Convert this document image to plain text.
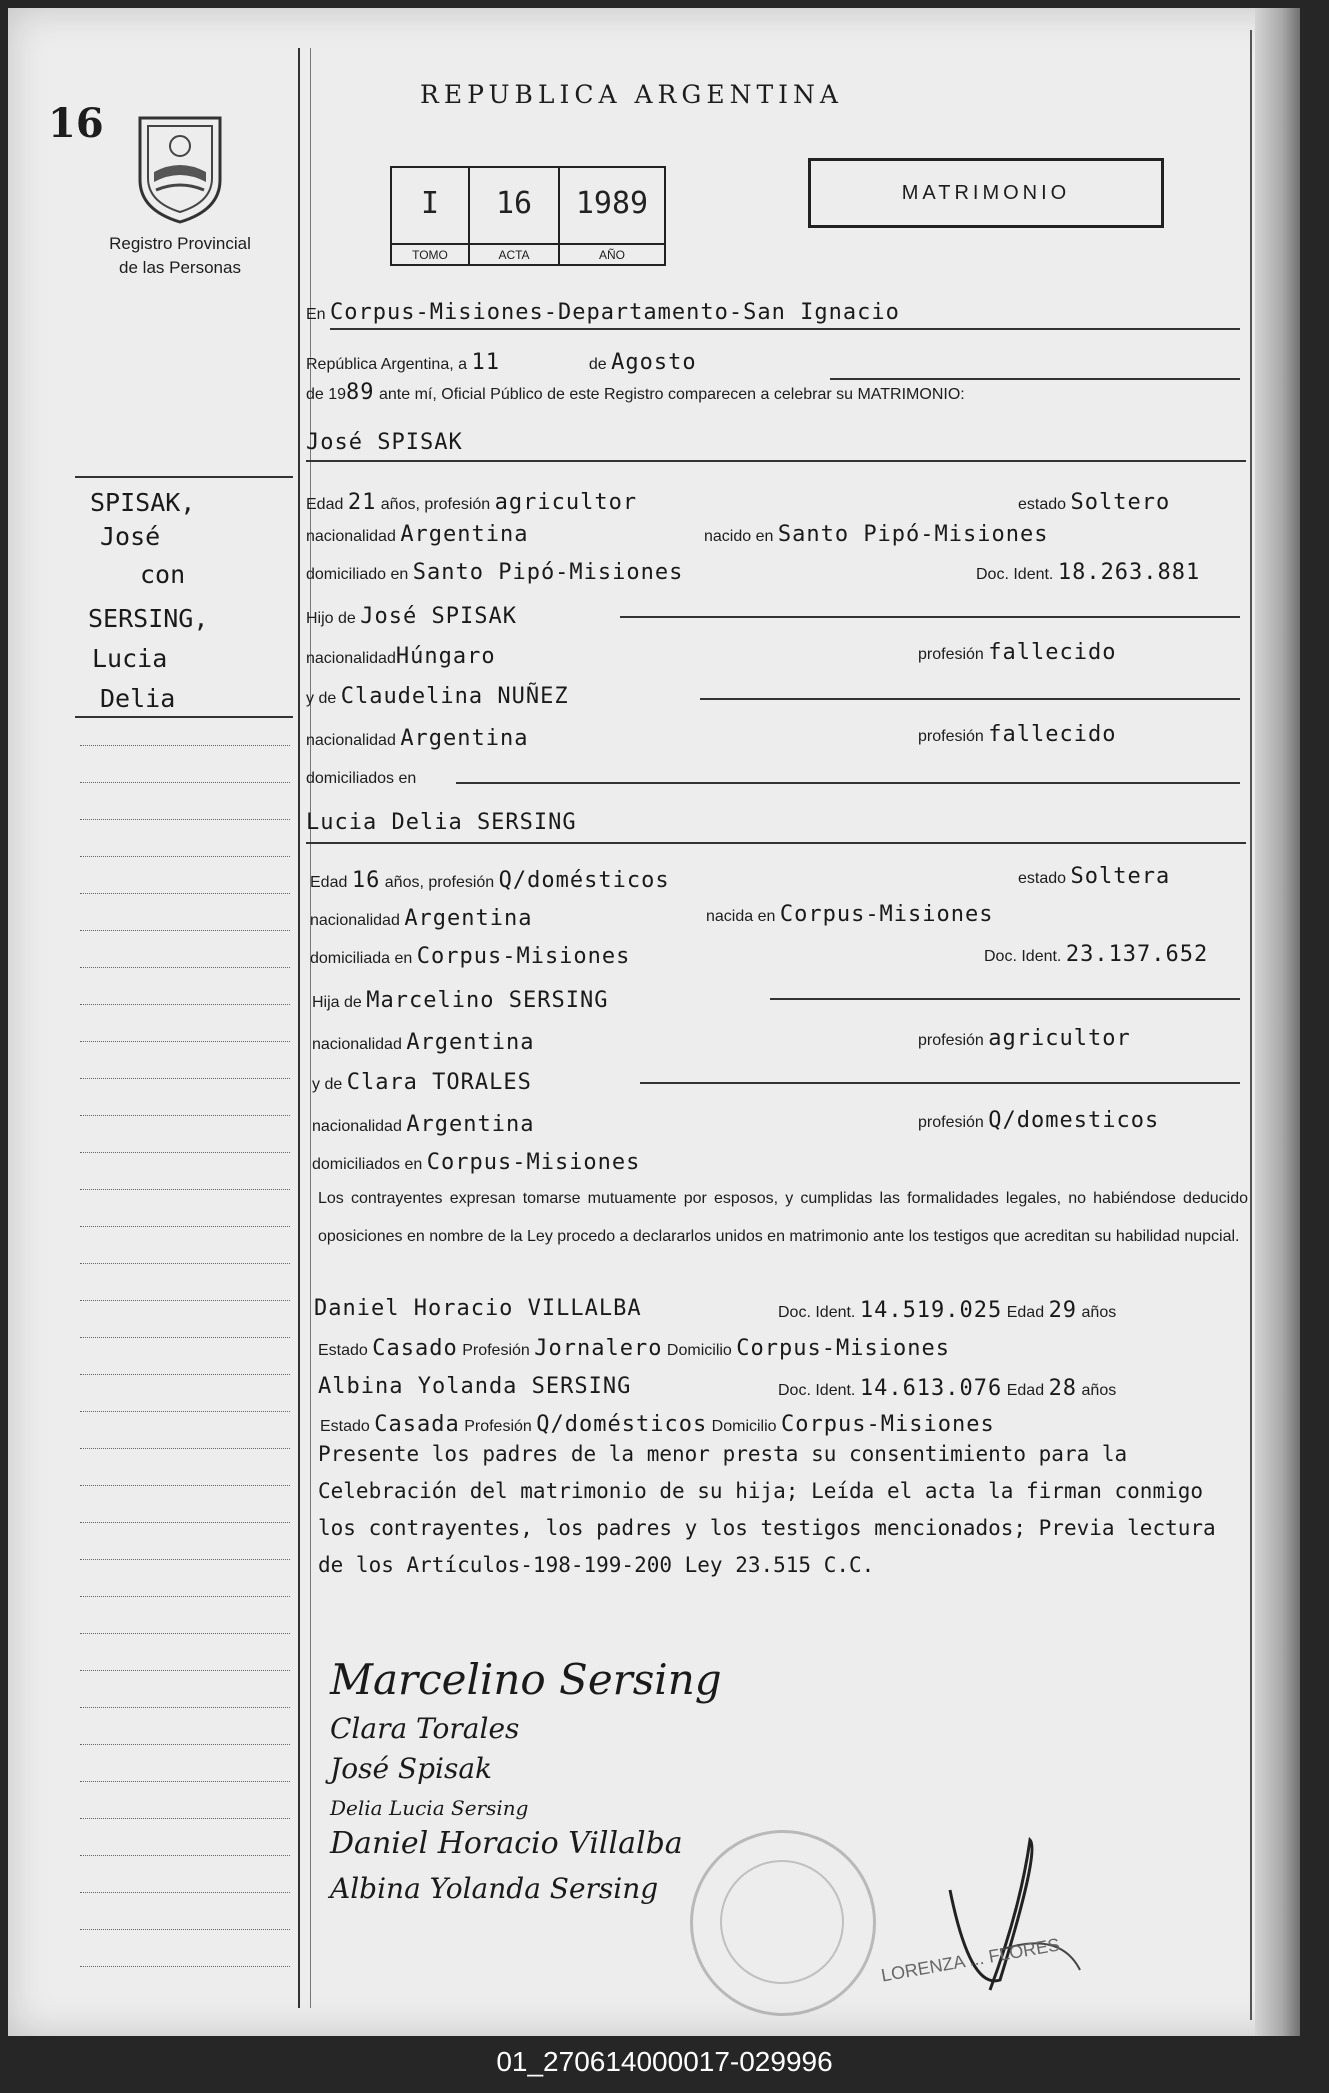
16
Registro Provincial
de las Personas
REPUBLICA ARGENTINA
I
TOMO
16
ACTA
1989
AÑO
MATRIMONIO
En Corpus-Misiones-Departamento-San Ignacio
República Argentina, a 11	de Agosto
de 1989 ante mí, Oficial Público de este Registro comparecen a celebrar su MATRIMONIO:
José SPISAK
Edad 21 años, profesión agricultor	estado Soltero
nacionalidad Argentina	nacido en Santo Pipó-Misiones
domiciliado en Santo Pipó-Misiones	Doc. Ident. 18.263.881
Hijo de José SPISAK
nacionalidadHúngaro	profesión fallecido
y de Claudelina NUÑEZ
nacionalidad Argentina	profesión fallecido
domiciliados en
Lucia Delia SERSING
Edad 16 años, profesión Q/domésticos	estado Soltera
nacionalidad Argentina	nacida en Corpus-Misiones
domiciliada en Corpus-Misiones	Doc. Ident. 23.137.652
Hija de Marcelino SERSING
nacionalidad Argentina	profesión agricultor
y de Clara TORALES
nacionalidad Argentina	profesión Q/domesticos
domiciliados en Corpus-Misiones
Los contrayentes expresan tomarse mutuamente por esposos, y cumplidas las formalidades legales, no habiéndose deducido oposiciones en nombre de la Ley procedo a declararlos unidos en matrimonio ante los testigos que acreditan su habilidad nupcial.
Daniel Horacio VILLALBA	Doc. Ident. 14.519.025 Edad 29 años
Estado Casado Profesión Jornalero Domicilio Corpus-Misiones
Albina Yolanda SERSING	Doc. Ident. 14.613.076 Edad 28 años
Estado Casada Profesión Q/domésticos Domicilio Corpus-Misiones
Presente los padres de la menor presta su consentimiento para la Celebración del matrimonio de su hija; Leída el acta la firman conmigo los contrayentes, los padres y los testigos mencionados; Previa lectura de los Artículos-198-199-200 Ley 23.515 C.C.
Marcelino Sersing
Clara Torales
José Spisak
Delia Lucia Sersing
Daniel Horacio Villalba
Albina Yolanda Sersing
LORENZA ... FLORES
SPISAK,
José
con
SERSING,
Lucia
Delia
01_270614000017-029996
